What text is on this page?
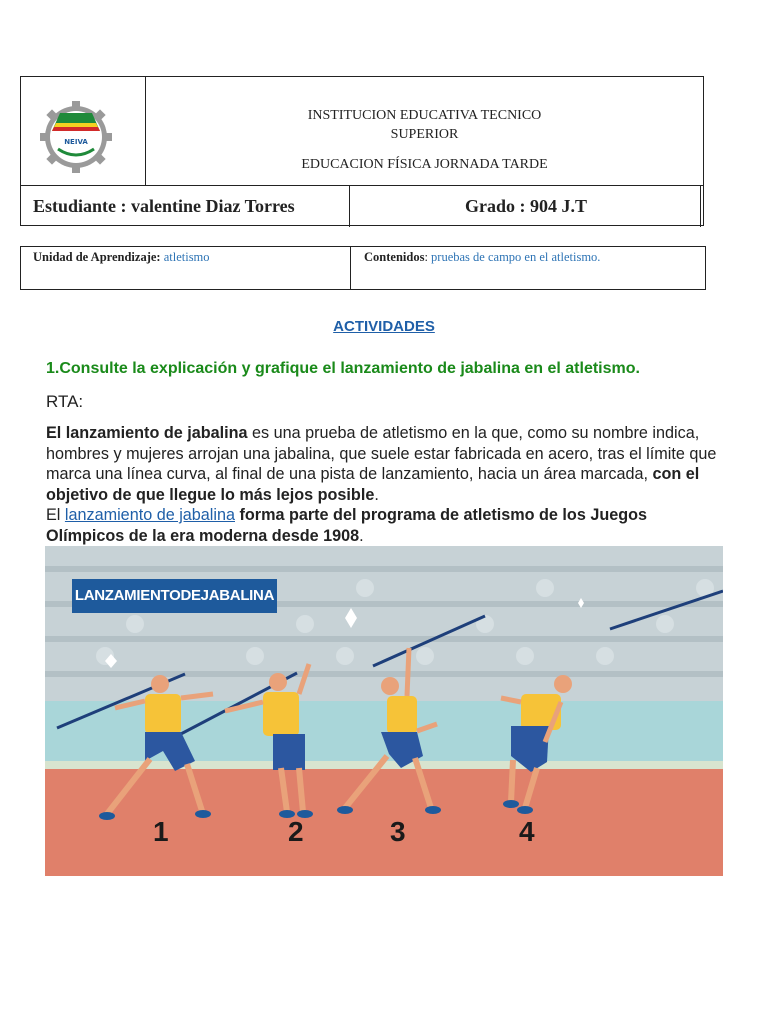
NEIVA
INSTITUCION EDUCATIVA TECNICO
SUPERIOR
EDUCACION FÍSICA JORNADA TARDE
Estudiante : valentine Diaz Torres	Grado : 904 J.T
Unidad de Aprendizaje: atletismo	Contenidos: pruebas de campo en el atletismo.
ACTIVIDADES
1.Consulte la explicación y grafique el lanzamiento de jabalina en el atletismo.
RTA:
El lanzamiento de jabalina es una prueba de atletismo en la que, como su nombre indica, hombres y mujeres arrojan una jabalina, que suele estar fabricada en acero, tras el límite que marca una línea curva, al final de una pista de lanzamiento, hacia un área marcada, con el objetivo de que llegue lo más lejos posible.
El lanzamiento de jabalina forma parte del programa de atletismo de los Juegos Olímpicos de la era moderna desde 1908.
LANZAMIENTODEJABALINA
1	2	3	4
